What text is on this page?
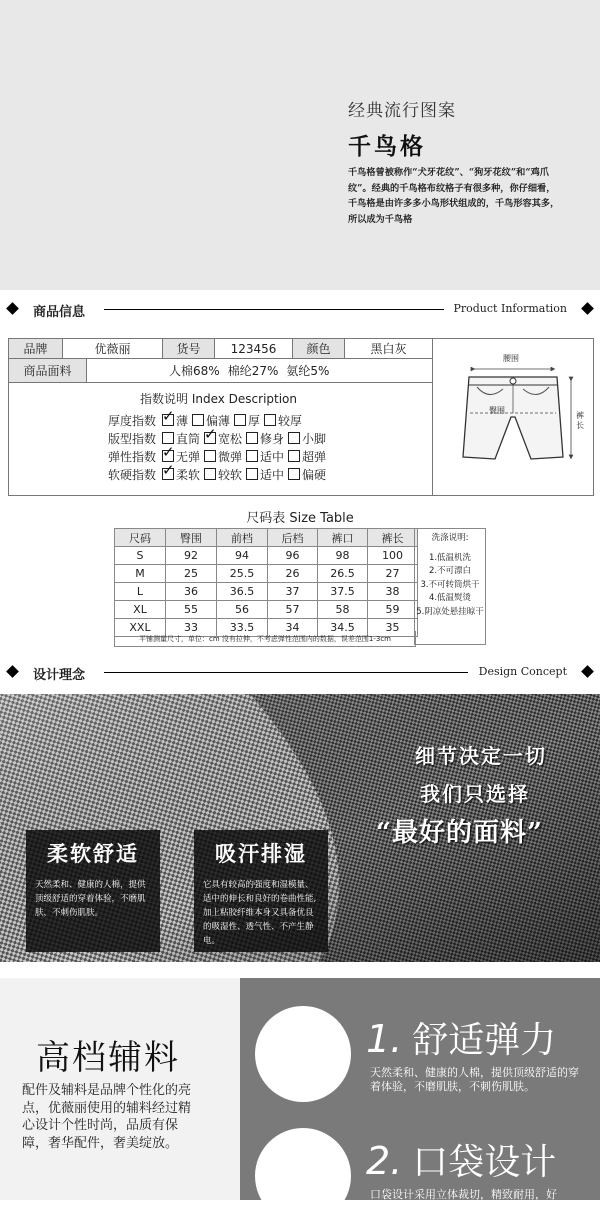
经典流行图案
千鸟格
千鸟格曾被称作“犬牙花纹”、“狗牙花纹”和“鸡爪纹”。经典的千鸟格布纹格子有很多种，你仔细看，千鸟格是由许多多小鸟形状组成的，千鸟形容其多，所以成为千鸟格
商品信息	Product Information
品牌	优薇丽	货号	123456	颜色	黑白灰
商品面料	人棉68% 棉纶27% 氨纶5%
腰围
臀围
裤长
指数说明 Index Description
厚度指数 ✓ 薄 偏薄 厚 较厚
版型指数 直筒 ✓ 宽松 修身 小脚
弹性指数 ✓ 无弹 微弹 适中 超弹
软硬指数 ✓ 柔软 较软 适中 偏硬
尺码表 Size Table
尺码	臀围	前档	后档	裤口	裤长
S	92	94	96	98	100
M	25	25.5	26	26.5	27
L	36	36.5	37	37.5	38
XL	55	56	57	58	59
XXL	33	33.5	34	34.5	35
平铺测量尺寸，单位：cm 没有拉伸，不考虑弹性范围内的数据，误差范围1-3cm
洗涤说明:
1.低温机洗
2.不可漂白
3.不可转筒烘干
4.低温熨烫
5.阴凉处悬挂晾干
设计理念	Design Concept
细节决定一切
我们只选择
“最好的面料”
柔软舒适
天然柔和、健康的人棉，提供顶级舒适的穿着体验，不磨肌肤，不刺伤肌肤。
吸汗排湿
它具有较高的强度和湿模量、适中的伸长和良好的卷曲性能,加上粘胶纤维本身又具备优良的吸湿性、透气性、不产生静电。
高档辅料
配件及辅料是品牌个性化的亮点，优薇丽使用的辅料经过精心设计个性时尚，品质有保障，奢华配件，奢美绽放。
1. 舒适弹力
天然柔和、健康的人棉，提供顶级舒适的穿着体验，不磨肌肤，不刺伤肌肤。
2. 口袋设计
口袋设计采用立体裁切，精致耐用，好
